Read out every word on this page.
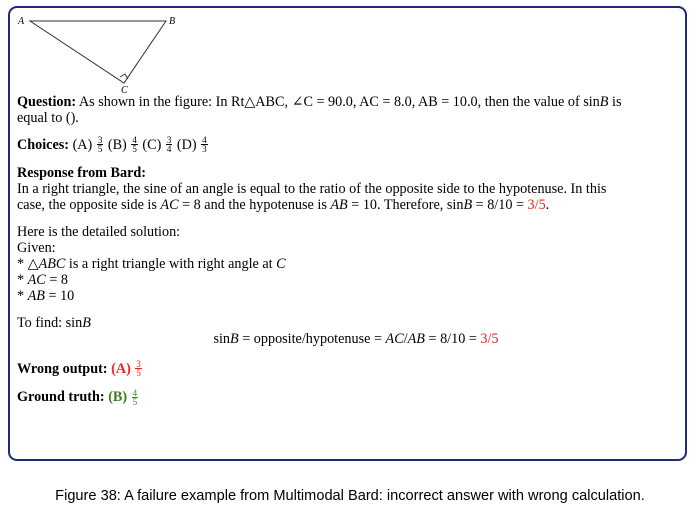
A	B
C

Question: As shown in the figure: In Rt△ABC, ∠C = 90.0, AC = 8.0, AB = 10.0, then the value of sinB is
equal to ().

Choices: $(A) \frac{3}{5} (B) \frac{4}{5} (C) \frac{3}{4} (D) \frac{4}{3}$

Response from Bard:
In a right triangle, the sine of an angle is equal to the ratio of the opposite side to the hypotenuse. In this
case, the opposite side is AC = 8 and the hypotenuse is AB = 10. Therefore, sinB = 8/10 = 3/5.

Here is the detailed solution:
Given:
* △ABC is a right triangle with right angle at C
* AC = 8
* AB = 10

To find: sinB

sinB = opposite/hypotenuse = AC/AB = 8/10 = 3/5

Wrong output: $(A) \frac{3}{5}$

Ground truth: $(B) \frac{4}{5}$

Figure 38: A failure example from Multimodal Bard: incorrect answer with wrong calculation.
